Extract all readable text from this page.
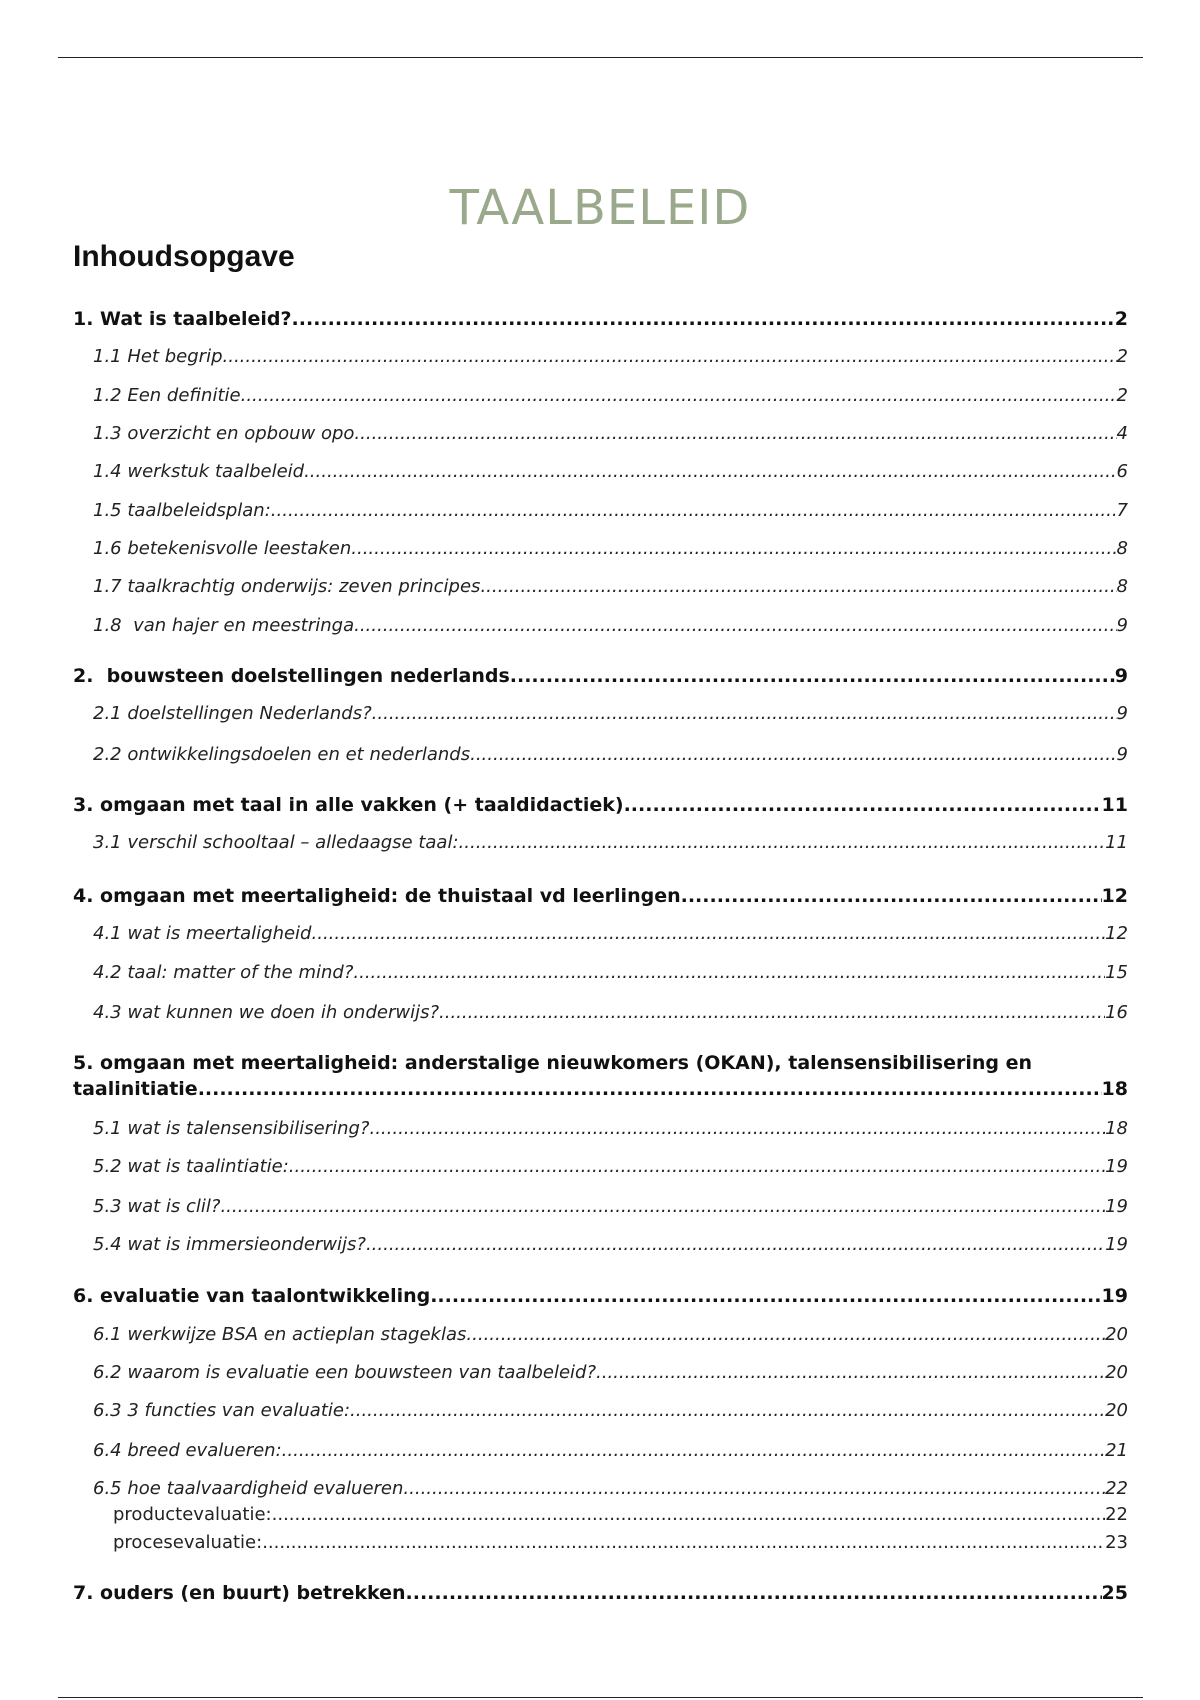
TAALBELEID
Inhoudsopgave
1. Wat is taalbeleid? .....	2
1.1 Het begrip .....	2
1.2 Een definitie .....	2
1.3 overzicht en opbouw opo .....	4
1.4 werkstuk taalbeleid .....	6
1.5 taalbeleidsplan: .....	7
1.6 betekenisvolle leestaken .....	8
1.7 taalkrachtig onderwijs: zeven principes .....	8
1.8  van hajer en meestringa .....	9
2.  bouwsteen doelstellingen nederlands .....	9
2.1 doelstellingen Nederlands? .....	9
2.2 ontwikkelingsdoelen en et nederlands .....	9
3. omgaan met taal in alle vakken (+ taaldidactiek) .....	11
3.1 verschil schooltaal – alledaagse taal: .....	11
4. omgaan met meertaligheid: de thuistaal vd leerlingen .....	12
4.1 wat is meertaligheid .....	12
4.2 taal: matter of the mind? .....	15
4.3 wat kunnen we doen ih onderwijs? .....	16
5. omgaan met meertaligheid: anderstalige nieuwkomers (OKAN), talensensibilisering en
taalinitiatie .....	18
5.1 wat is talensensibilisering? .....	18
5.2 wat is taalintiatie: .....	19
5.3 wat is clil? .....	19
5.4 wat is immersieonderwijs? .....	19
6. evaluatie van taalontwikkeling .....	19
6.1 werkwijze BSA en actieplan stageklas .....	20
6.2 waarom is evaluatie een bouwsteen van taalbeleid? .....	20
6.3 3 functies van evaluatie: .....	20
6.4 breed evalueren: .....	21
6.5 hoe taalvaardigheid evalueren .....	22
productevaluatie: .....	22
procesevaluatie: .....	23
7. ouders (en buurt) betrekken .....	25
